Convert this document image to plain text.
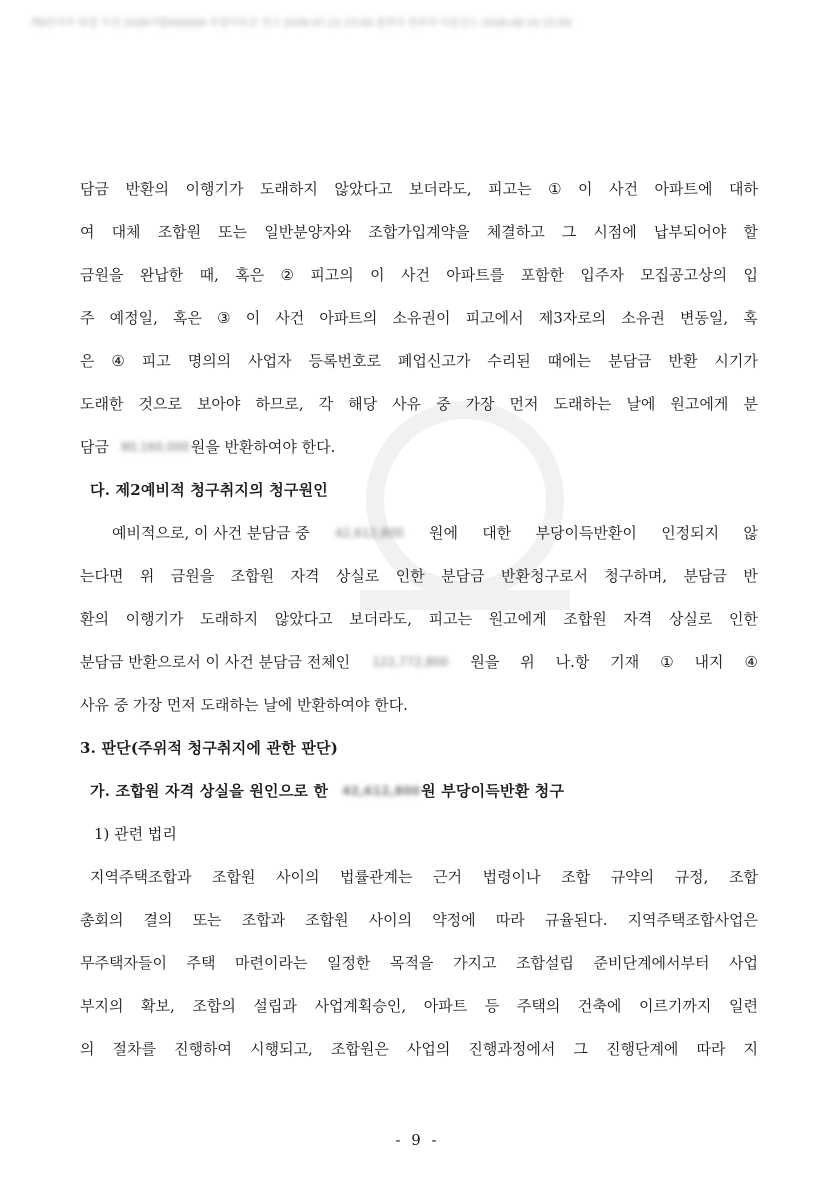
제9민사부 판결 사건 2026가합000000 부당이득금 선고 2026.07.15 23:59 출력자 관리자 다운로드 2026.08.10 15:59
담금 반환의 이행기가 도래하지 않았다고 보더라도, 피고는 ① 이 사건 아파트에 대하
여 대체 조합원 또는 일반분양자와 조합가입계약을 체결하고 그 시점에 납부되어야 할
금원을 완납한 때, 혹은 ② 피고의 이 사건 아파트를 포함한 입주자 모집공고상의 입
주 예정일, 혹은 ③ 이 사건 아파트의 소유권이 피고에서 제3자로의 소유권 변동일, 혹
은 ④ 피고 명의의 사업자 등록번호로 폐업신고가 수리된 때에는 분담금 반환 시기가
도래한 것으로 보아야 하므로, 각 해당 사유 중 가장 먼저 도래하는 날에 원고에게 분
담금 80,160,000 원을 반환하여야 한다.
다. 제2예비적 청구취지의 청구원인
예비적으로, 이 사건 분담금 중 42,612,800 원에 대한 부당이득반환이 인정되지 않
는다면 위 금원을 조합원 자격 상실로 인한 분담금 반환청구로서 청구하며, 분담금 반
환의 이행기가 도래하지 않았다고 보더라도, 피고는 원고에게 조합원 자격 상실로 인한
분담금 반환으로서 이 사건 분담금 전체인 122,772,800 원을 위 나.항 기재 ① 내지 ④
사유 중 가장 먼저 도래하는 날에 반환하여야 한다.
3. 판단(주위적 청구취지에 관한 판단)
가. 조합원 자격 상실을 원인으로 한 42,612,800 원 부당이득반환 청구
1) 관련 법리
지역주택조합과 조합원 사이의 법률관계는 근거 법령이나 조합 규약의 규정, 조합
총회의 결의 또는 조합과 조합원 사이의 약정에 따라 규율된다. 지역주택조합사업은
무주택자들이 주택 마련이라는 일정한 목적을 가지고 조합설립 준비단계에서부터 사업
부지의 확보, 조합의 설립과 사업계획승인, 아파트 등 주택의 건축에 이르기까지 일련
의 절차를 진행하여 시행되고, 조합원은 사업의 진행과정에서 그 진행단계에 따라 지
- 9 -
